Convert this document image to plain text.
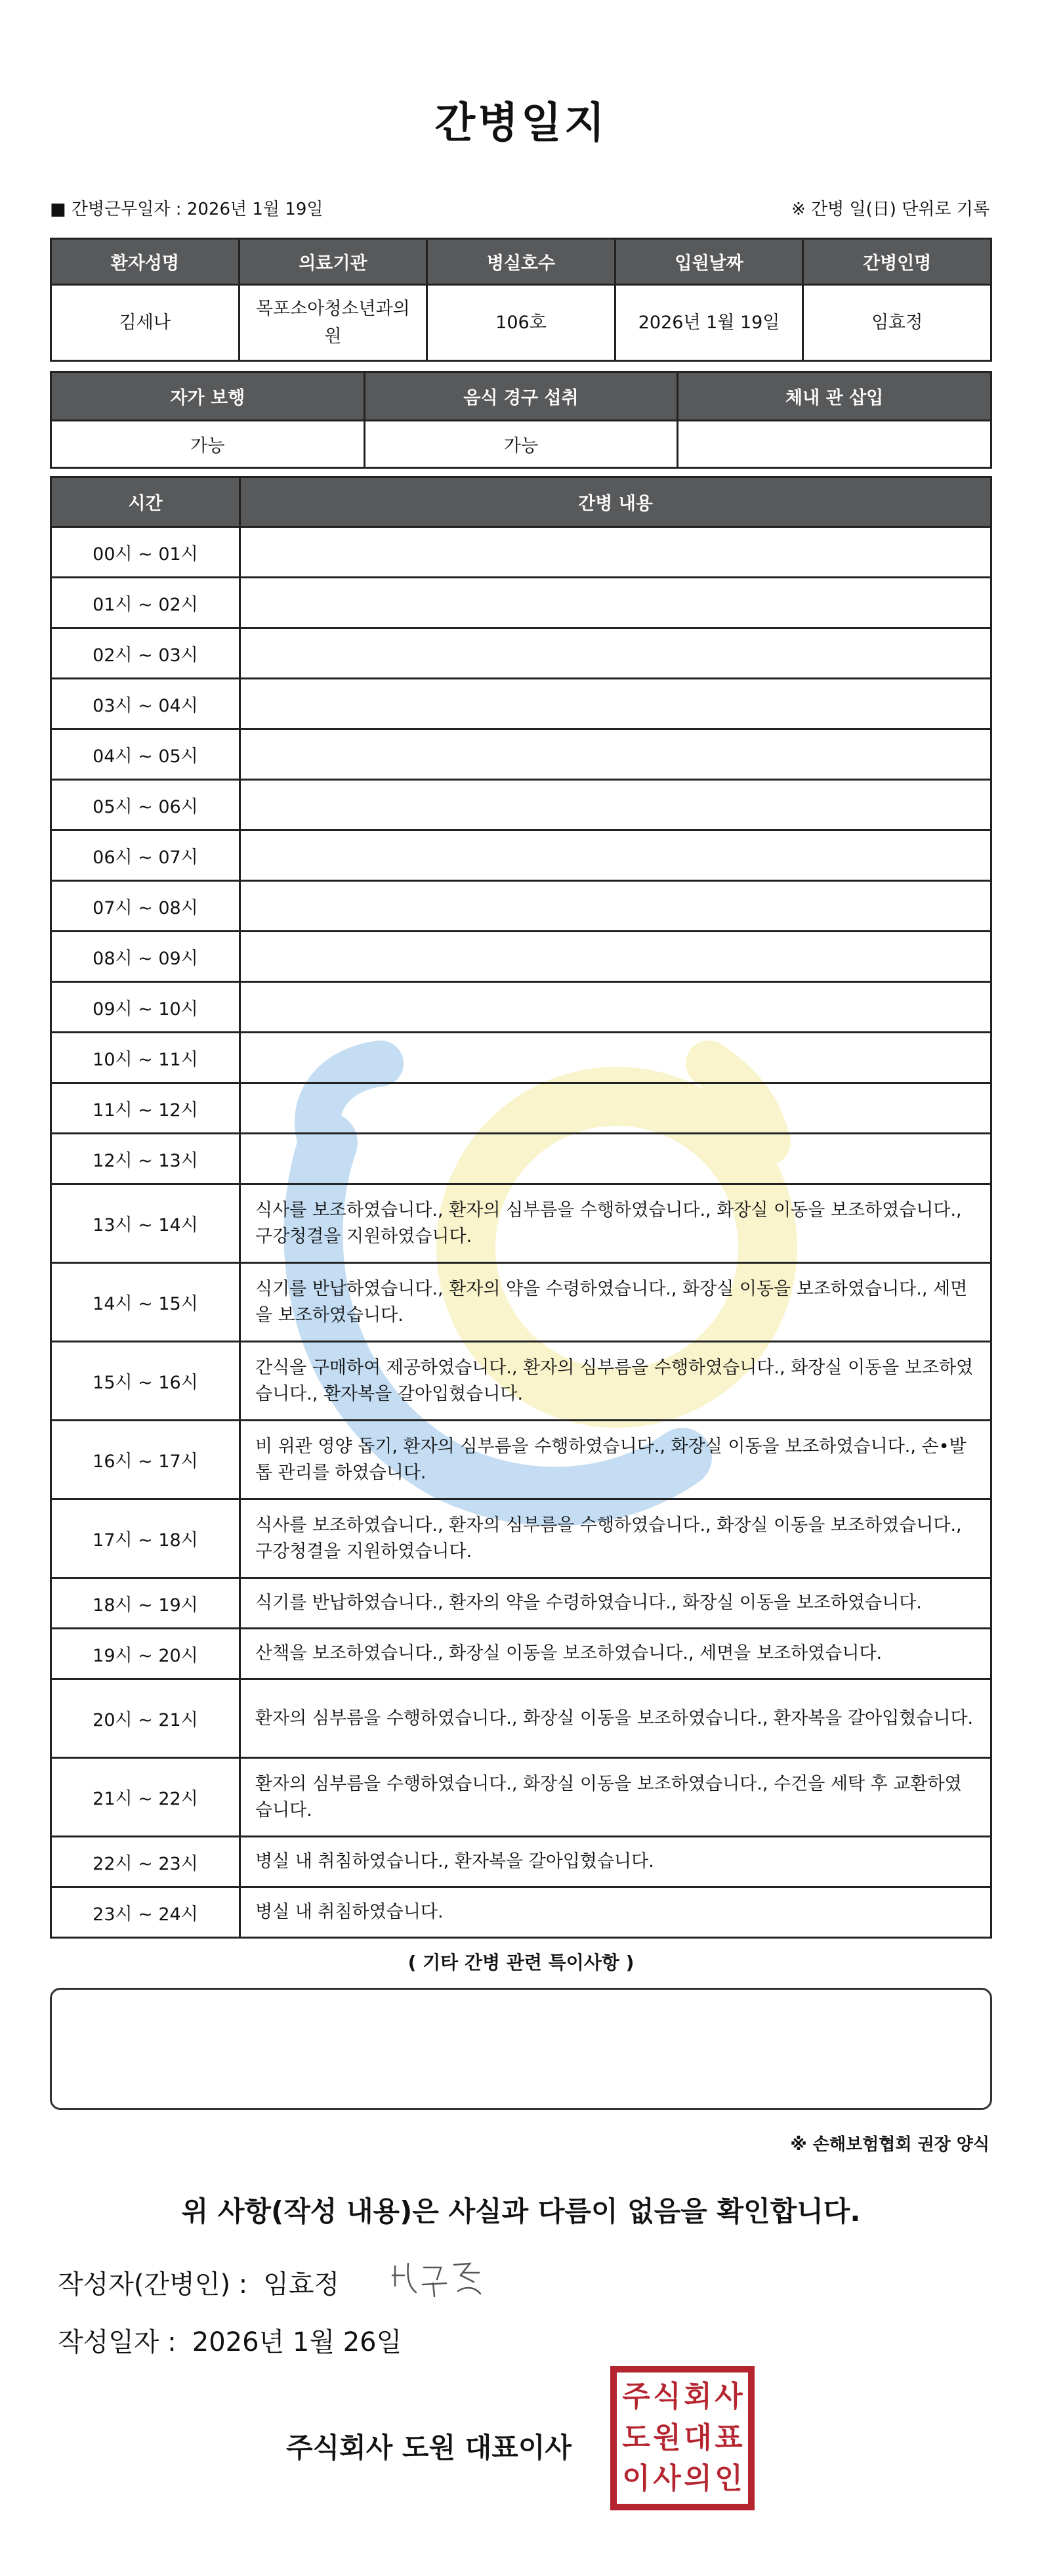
간병일지
■ 간병근무일자 : 2026년 1월 19일	※ 간병 일(日) 단위로 기록
환자성명	의료기관	병실호수	입원날짜	간병인명
김세나	목포소아청소년과의원	106호	2026년 1월 19일	임효정
자가 보행	음식 경구 섭취	체내 관 삽입
가능	가능	
시간	간병 내용
00시 ~ 01시	
01시 ~ 02시	
02시 ~ 03시	
03시 ~ 04시	
04시 ~ 05시	
05시 ~ 06시	
06시 ~ 07시	
07시 ~ 08시	
08시 ~ 09시	
09시 ~ 10시	
10시 ~ 11시	
11시 ~ 12시	
12시 ~ 13시	
13시 ~ 14시	식사를 보조하였습니다., 환자의 심부름을 수행하였습니다., 화장실 이동을 보조하였습니다., 구강청결을 지원하였습니다.
14시 ~ 15시	식기를 반납하였습니다., 환자의 약을 수령하였습니다., 화장실 이동을 보조하였습니다., 세면을 보조하였습니다.
15시 ~ 16시	간식을 구매하여 제공하였습니다., 환자의 심부름을 수행하였습니다., 화장실 이동을 보조하였습니다., 환자복을 갈아입혔습니다.
16시 ~ 17시	비 위관 영양 돕기, 환자의 심부름을 수행하였습니다., 화장실 이동을 보조하였습니다., 손•발톱 관리를 하였습니다.
17시 ~ 18시	식사를 보조하였습니다., 환자의 심부름을 수행하였습니다., 화장실 이동을 보조하였습니다., 구강청결을 지원하였습니다.
18시 ~ 19시	식기를 반납하였습니다., 환자의 약을 수령하였습니다., 화장실 이동을 보조하였습니다.
19시 ~ 20시	산책을 보조하였습니다., 화장실 이동을 보조하였습니다., 세면을 보조하였습니다.
20시 ~ 21시	환자의 심부름을 수행하였습니다., 화장실 이동을 보조하였습니다., 환자복을 갈아입혔습니다.
21시 ~ 22시	환자의 심부름을 수행하였습니다., 화장실 이동을 보조하였습니다., 수건을 세탁 후 교환하였습니다.
22시 ~ 23시	병실 내 취침하였습니다., 환자복을 갈아입혔습니다.
23시 ~ 24시	병실 내 취침하였습니다.
( 기타 간병 관련 특이사항 )
※ 손해보험협회 권장 양식
위 사항(작성 내용)은 사실과 다름이 없음을 확인합니다.
작성자(간병인) : 임효정
작성일자 : 2026년 1월 26일
주식회사 도원 대표이사
주 식 회 사
도 원 대 표
이 사 의 인
